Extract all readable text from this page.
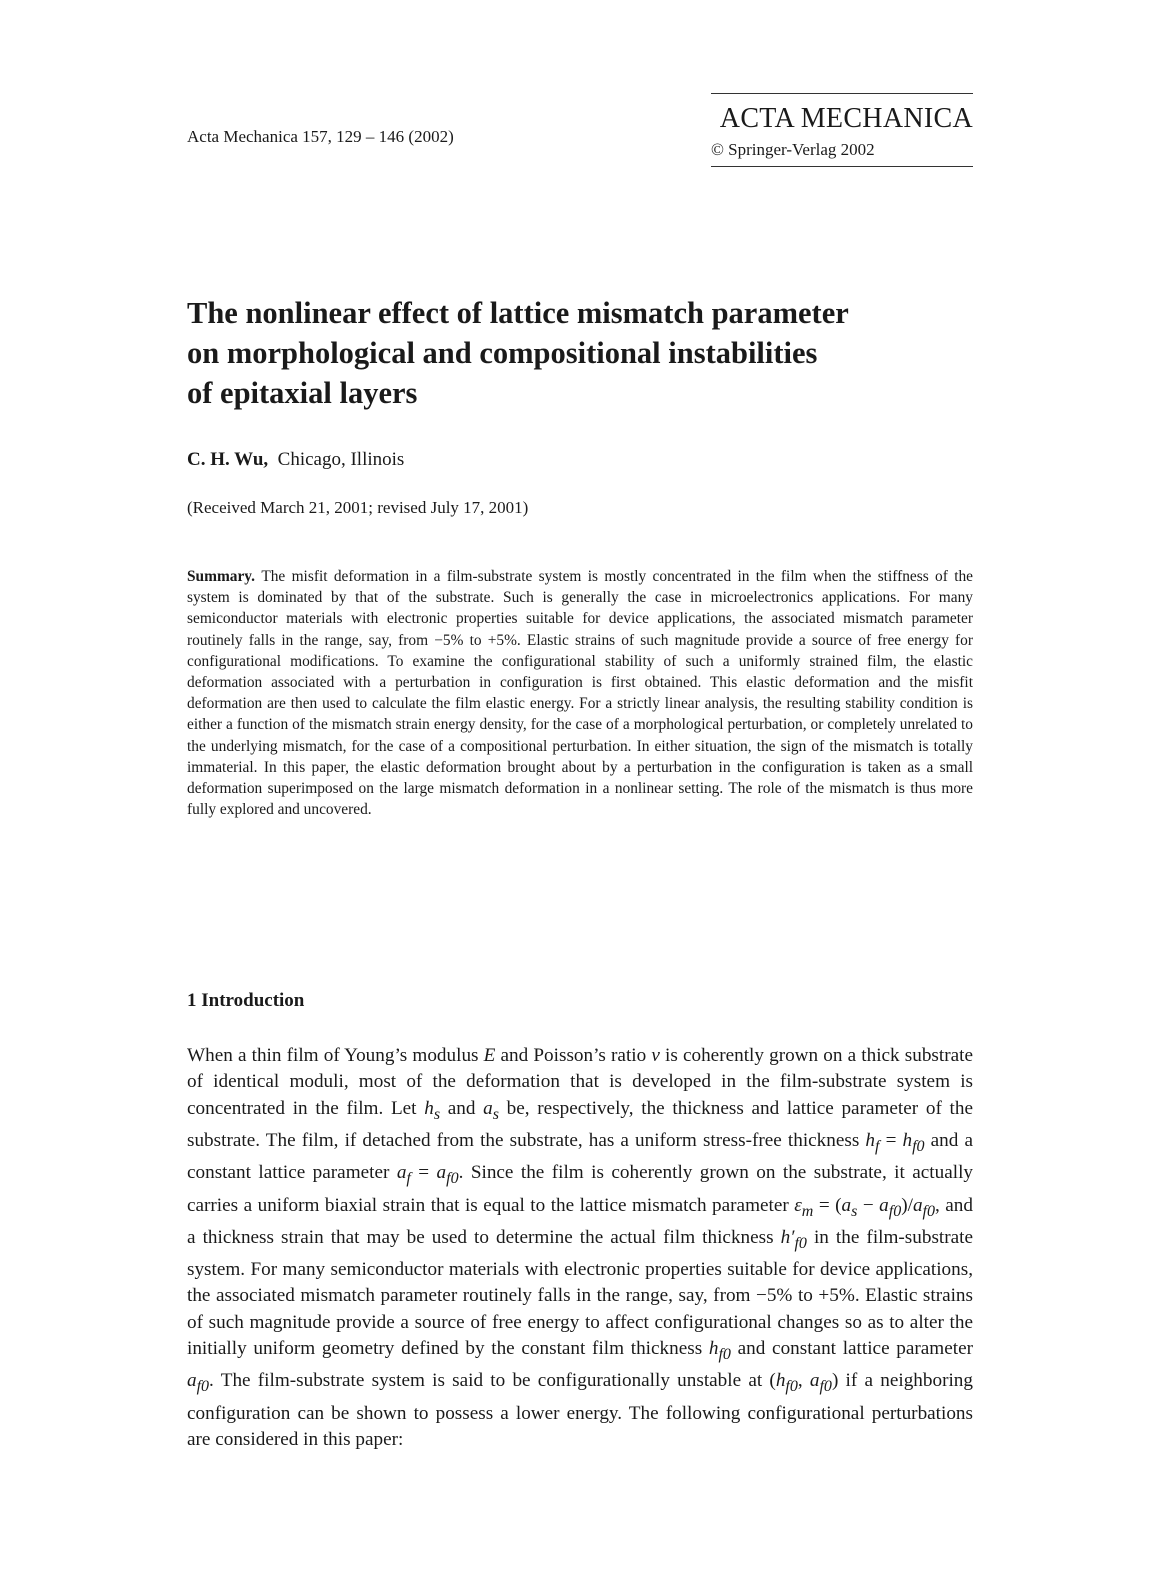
Acta Mechanica 157, 129 – 146 (2002)
ACTA MECHANICA
© Springer-Verlag 2002
The nonlinear effect of lattice mismatch parameter
on morphological and compositional instabilities
of epitaxial layers
C. H. Wu, Chicago, Illinois
(Received March 21, 2001; revised July 17, 2001)

Summary. The misfit deformation in a film-substrate system is mostly concentrated in the film when the stiffness of the system is dominated by that of the substrate. Such is generally the case in microelectronics applications. For many semiconductor materials with electronic properties suitable for device applications, the associated mismatch parameter routinely falls in the range, say, from −5% to +5%. Elastic strains of such magnitude provide a source of free energy for configurational modifications. To examine the configurational stability of such a uniformly strained film, the elastic deformation associated with a perturbation in configuration is first obtained. This elastic deformation and the misfit deformation are then used to calculate the film elastic energy. For a strictly linear analysis, the resulting stability condition is either a function of the mismatch strain energy density, for the case of a morphological perturbation, or completely unrelated to the underlying mismatch, for the case of a compositional perturbation. In either situation, the sign of the mismatch is totally immaterial. In this paper, the elastic deformation brought about by a perturbation in the configuration is taken as a small deformation superimposed on the large mismatch deformation in a nonlinear setting. The role of the mismatch is thus more fully explored and uncovered.

1 Introduction

When a thin film of Young’s modulus E and Poisson’s ratio ν is coherently grown on a thick substrate of identical moduli, most of the deformation that is developed in the film-substrate system is concentrated in the film. Let $h_s$ and $a_s$ be, respectively, the thickness and lattice parameter of the substrate. The film, if detached from the substrate, has a uniform stress-free thickness $h_f = h_{f0}$ and a constant lattice parameter $a_f = a_{f0}$. Since the film is coherently grown on the substrate, it actually carries a uniform biaxial strain that is equal to the lattice mismatch parameter $\varepsilon_m = (a_s - a_{f0})/a_{f0}$, and a thickness strain that may be used to determine the actual film thickness $h'_{f0}$ in the film-substrate system. For many semiconductor materials with electronic properties suitable for device applications, the associated mismatch parameter routinely falls in the range, say, from −5% to +5%. Elastic strains of such magnitude provide a source of free energy to affect configurational changes so as to alter the initially uniform geometry defined by the constant film thickness $h_{f0}$ and constant lattice parameter $a_{f0}$. The film-substrate system is said to be configurationally unstable at ($h_{f0}$, $a_{f0}$) if a neighboring configuration can be shown to possess a lower energy. The following configurational perturbations are considered in this paper:
